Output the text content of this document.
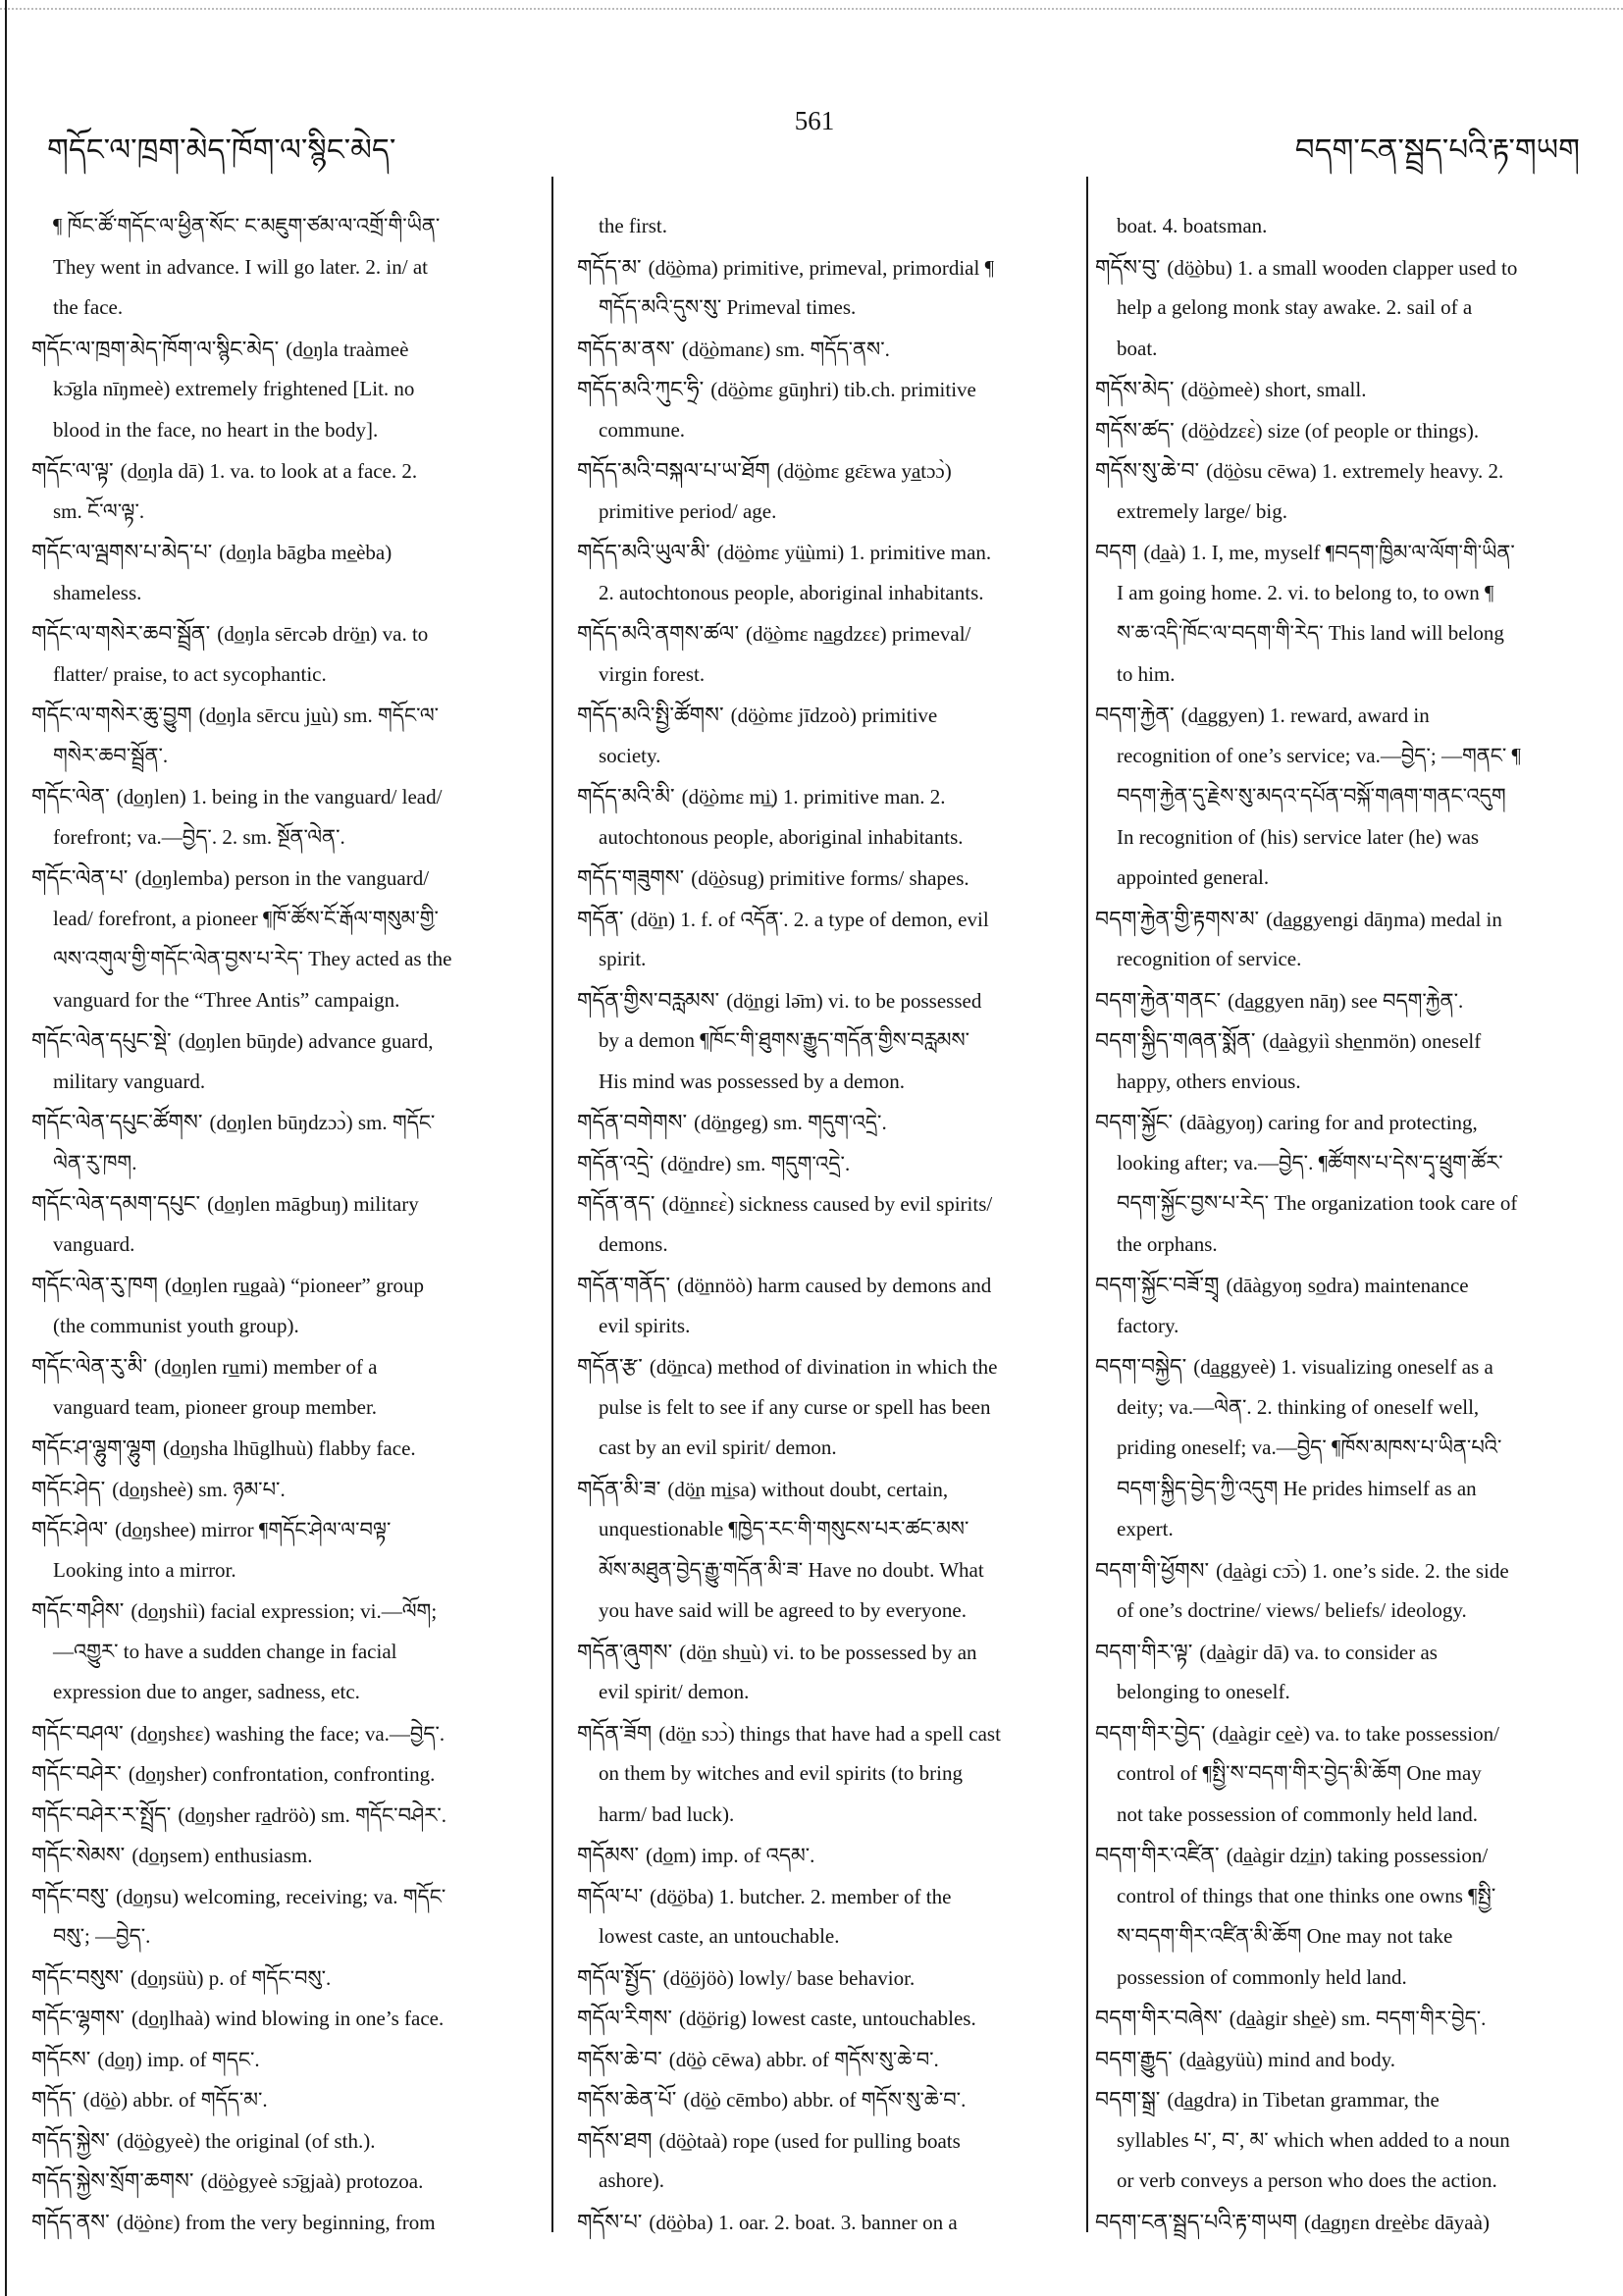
གདོང་ལ་ཁྲག་མེད་ཁོག་ལ་སྙིང་མེད་
561
བདག་ངན་སྦྲད་པའི་རྟ་གཡག
¶ ཁོང་ཚོ་གདོང་ལ་ཕྱིན་སོང་ ང་མཇུག་ཙམ་ལ་འགྲོ་གི་ཡིན་
They went in advance. I will go later. 2. in/ at
the face.
གདོང་ལ་ཁྲག་མེད་ཁོག་ལ་སྙིང་མེད་ (do̲ŋla traàmeè
kɔ̄gla nīŋmeè) extremely frightened [Lit. no
blood in the face, no heart in the body].
གདོང་ལ་ལྟ་ (do̲ŋla dā) 1. va. to look at a face. 2.
sm. ངོ་ལ་ལྟ་.
གདོང་ལ་ལྦགས་པ་མེད་པ་ (do̲ŋla bāgba me̲èba)
shameless.
གདོང་ལ་གསེར་ཆབ་སྦྲོན་ (do̲ŋla sērcəb drö̲n) va. to
flatter/ praise, to act sycophantic.
གདོང་ལ་གསེར་ཆུ་བྱུག (do̲ŋla sērcu ju̲ù) sm. གདོང་ལ་
གསེར་ཆབ་སྦྲོན་.
གདོང་ལེན་ (do̲ŋlen) 1. being in the vanguard/ lead/
forefront; va.—བྱེད་. 2. sm. སྔོན་ལེན་.
གདོང་ལེན་པ་ (do̲ŋlemba) person in the vanguard/
lead/ forefront, a pioneer ¶ཁོ་ཚོས་ངོ་རྒོལ་གསུམ་གྱི་
ལས་འགུལ་གྱི་གདོང་ལེན་བྱས་པ་རེད་ They acted as the
vanguard for the “Three Antis” campaign.
གདོང་ལེན་དཔུང་སྡེ་ (do̲ŋlen būŋde) advance guard,
military vanguard.
གདོང་ལེན་དཔུང་ཚོགས་ (do̲ŋlen būŋdzɔɔ̀) sm. གདོང་
ལེན་རུ་ཁག.
གདོང་ལེན་དམག་དཔུང་ (do̲ŋlen māgbuŋ) military
vanguard.
གདོང་ལེན་རུ་ཁག (do̲ŋlen ru̲gaà) “pioneer” group
(the communist youth group).
གདོང་ལེན་རུ་མི་ (do̲ŋlen ru̲mi) member of a
vanguard team, pioneer group member.
གདོང་ཤ་ལྷུག་ལྷུག (do̲ŋsha lhūglhuù) flabby face.
གདོང་ཤེད་ (do̲ŋsheè) sm. ཉམ་པ་.
གདོང་ཤེལ་ (do̲ŋshee) mirror ¶གདོང་ཤེལ་ལ་བལྟ་
Looking into a mirror.
གདོང་གཤིས་ (do̲ŋshiì) facial expression; vi.—ལོག;
—འགྱུར་ to have a sudden change in facial
expression due to anger, sadness, etc.
གདོང་བཤལ་ (do̲ŋshɛɛ) washing the face; va.—བྱེད་.
གདོང་བཤེར་ (do̲ŋsher) confrontation, confronting.
གདོང་བཤེར་ར་སྤྲོད་ (do̲ŋsher ra̲dröò) sm. གདོང་བཤེར་.
གདོང་སེམས་ (do̲ŋsem) enthusiasm.
གདོང་བསུ་ (do̲ŋsu) welcoming, receiving; va. གདོང་
བསུ་; —བྱེད་.
གདོང་བསུས་ (do̲ŋsüù) p. of གདོང་བསུ་.
གདོང་ལྷགས་ (do̲ŋlhaà) wind blowing in one’s face.
གདོངས་ (do̲ŋ) imp. of གདང་.
གདོད་ (dö̲ò) abbr. of གདོད་མ་.
གདོད་སྐྱེས་ (dö̲ògyeè) the original (of sth.).
གདོད་སྐྱེས་སྲོག་ཆགས་ (dö̲ògyeè sɔ̄gjaà) protozoa.
གདོད་ནས་ (dö̲ònɛ) from the very beginning, from
the first.
གདོད་མ་ (dö̲òma) primitive, primeval, primordial ¶
གདོད་མའི་དུས་སུ་ Primeval times.
གདོད་མ་ནས་ (dö̲òmanɛ) sm. གདོད་ནས་.
གདོད་མའི་ཀུང་ཧྲི་ (dö̲òmɛ gūŋhri) tib.ch. primitive
commune.
གདོད་མའི་བསྐལ་པ་ཡ་ཐོག (dö̲òmɛ gɛ̄ɛwa ya̲tɔɔ̀)
primitive period/ age.
གདོད་མའི་ཡུལ་མི་ (dö̲òmɛ yü̲ùmi) 1. primitive man.
2. autochtonous people, aboriginal inhabitants.
གདོད་མའི་ནགས་ཚལ་ (dö̲òmɛ na̲gdzɛɛ) primeval/
virgin forest.
གདོད་མའི་སྤྱི་ཚོགས་ (dö̲òmɛ jīdzoò) primitive
society.
གདོད་མའི་མི་ (dö̲òmɛ mi̲) 1. primitive man. 2.
autochtonous people, aboriginal inhabitants.
གདོད་གཟུགས་ (dö̲òsug) primitive forms/ shapes.
གདོན་ (dö̲n) 1. f. of འདོན་. 2. a type of demon, evil
spirit.
གདོན་གྱིས་བརླམས་ (dö̲ngi lə̄m) vi. to be possessed
by a demon ¶ཁོང་གི་ཐུགས་རྒྱུད་གདོན་གྱིས་བརླམས་
His mind was possessed by a demon.
གདོན་བགེགས་ (dö̲ngeg) sm. གདུག་འདྲེ་.
གདོན་འདྲེ་ (dö̲ndre) sm. གདུག་འདྲེ་.
གདོན་ནད་ (dö̲nnɛɛ̀) sickness caused by evil spirits/
demons.
གདོན་གནོད་ (dö̲nnöò) harm caused by demons and
evil spirits.
གདོན་རྩ་ (dö̲nca) method of divination in which the
pulse is felt to see if any curse or spell has been
cast by an evil spirit/ demon.
གདོན་མི་ཟ་ (dö̲n mi̲sa) without doubt, certain,
unquestionable ¶ཁྱེད་རང་གི་གསུངས་པར་ཚང་མས་
མོས་མཐུན་བྱེད་རྒྱུ་གདོན་མི་ཟ་ Have no doubt. What
you have said will be agreed to by everyone.
གདོན་ཞུགས་ (dö̲n shu̲ù) vi. to be possessed by an
evil spirit/ demon.
གདོན་ཟོག (dö̲n sɔɔ̀) things that have had a spell cast
on them by witches and evil spirits (to bring
harm/ bad luck).
གདོམས་ (do̲m) imp. of འདམ་.
གདོལ་པ་ (dö̲öba) 1. butcher. 2. member of the
lowest caste, an untouchable.
གདོལ་སྤྱོད་ (dö̲öjöò) lowly/ base behavior.
གདོལ་རིགས་ (dö̲örig) lowest caste, untouchables.
གདོས་ཆེ་བ་ (dö̲ò cēwa) abbr. of གདོས་སུ་ཆེ་བ་.
གདོས་ཆེན་པོ་ (dö̲ò cēmbo) abbr. of གདོས་སུ་ཆེ་བ་.
གདོས་ཐག (dö̲òtaà) rope (used for pulling boats
ashore).
གདོས་པ་ (dö̲òba) 1. oar. 2. boat. 3. banner on a
boat. 4. boatsman.
གདོས་བུ་ (dö̲òbu) 1. a small wooden clapper used to
help a gelong monk stay awake. 2. sail of a
boat.
གདོས་མེད་ (dö̲òmeè) short, small.
གདོས་ཚད་ (dö̲òdzɛɛ̀) size (of people or things).
གདོས་སུ་ཆེ་བ་ (dö̲òsu cēwa) 1. extremely heavy. 2.
extremely large/ big.
བདག (da̲à) 1. I, me, myself ¶བདག་ཁྱིམ་ལ་ལོག་གི་ཡིན་
I am going home. 2. vi. to belong to, to own ¶
ས་ཆ་འདི་ཁོང་ལ་བདག་གི་རེད་ This land will belong
to him.
བདག་རྐྱེན་ (da̲ggyen) 1. reward, award in
recognition of one’s service; va.—བྱེད་; —གནང་ ¶
བདག་རྐྱེན་དུ་རྗེས་སུ་མདའ་དཔོན་བསྐོ་གཞག་གནང་འདུག
In recognition of (his) service later (he) was
appointed general.
བདག་རྐྱེན་གྱི་རྟགས་མ་ (da̲ggyengi dāŋma) medal in
recognition of service.
བདག་རྐྱེན་གནང་ (da̲ggyen nāŋ) see བདག་རྐྱེན་.
བདག་སྐྱིད་གཞན་སྨོན་ (da̲àgyiì she̲nmön) oneself
happy, others envious.
བདག་སྐྱོང་ (dāàgyoŋ) caring for and protecting,
looking after; va.—བྱེད་. ¶ཚོགས་པ་དེས་དྭ་ཕྲུག་ཚོར་
བདག་སྐྱོང་བྱས་པ་རེད་ The organization took care of
the orphans.
བདག་སྐྱོང་བཟོ་གྲྭ (dāàgyoŋ so̲dra) maintenance
factory.
བདག་བསྐྱེད་ (da̲ggyeè) 1. visualizing oneself as a
deity; va.—ལེན་. 2. thinking of oneself well,
priding oneself; va.—བྱེད་ ¶ཁོས་མཁས་པ་ཡིན་པའི་
བདག་སྐྱིད་བྱེད་ཀྱི་འདུག He prides himself as an
expert.
བདག་གི་ཕྱོགས་ (da̲àgi cɔ̄ɔ̀) 1. one’s side. 2. the side
of one’s doctrine/ views/ beliefs/ ideology.
བདག་གིར་ལྟ་ (da̲àgir dā) va. to consider as
belonging to oneself.
བདག་གིར་བྱེད་ (da̲àgir ce̲è) va. to take possession/
control of ¶སྤྱི་ས་བདག་གིར་བྱེད་མི་ཆོག One may
not take possession of commonly held land.
བདག་གིར་འཛིན་ (da̲àgir dzi̲n) taking possession/
control of things that one thinks one owns ¶སྤྱི་
ས་བདག་གིར་འཛིན་མི་ཆོག One may not take
possession of commonly held land.
བདག་གིར་བཞེས་ (da̲àgir she̲è) sm. བདག་གིར་བྱེད་.
བདག་རྒྱུད་ (da̲àgyüù) mind and body.
བདག་སྒྲ་ (da̲gdra) in Tibetan grammar, the
syllables པ་, བ་, མ་ which when added to a noun
or verb conveys a person who does the action.
བདག་ངན་སྦྲད་པའི་རྟ་གཡག (da̲gŋɛn dre̲èbɛ dāyaà)
